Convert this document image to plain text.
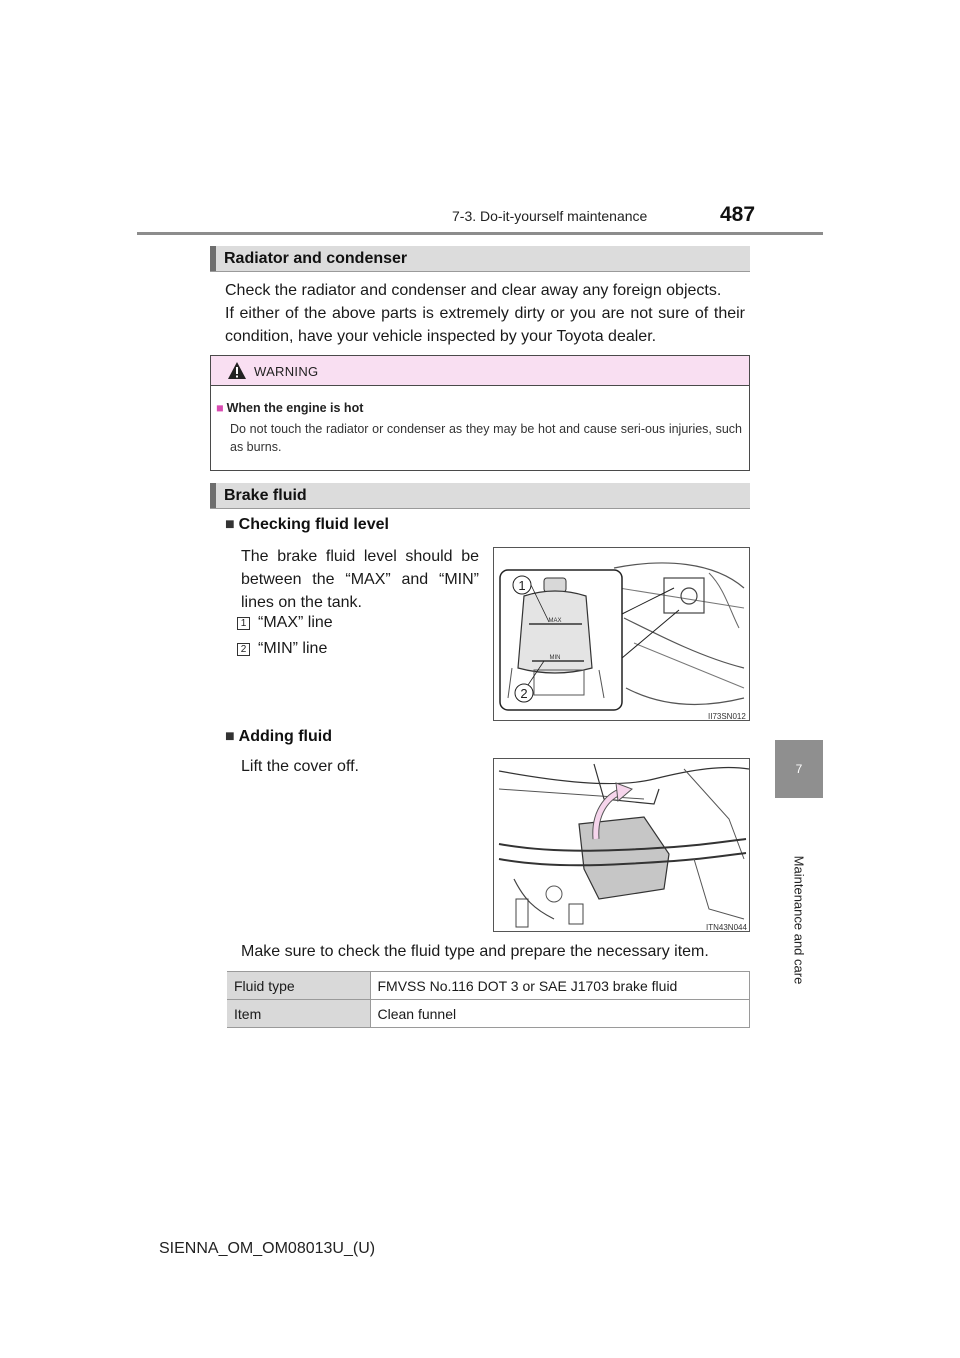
7-3. Do-it-yourself maintenance	487
7
Maintenance and care
Radiator and condenser
Check the radiator and condenser and clear away any foreign objects.
If either of the above parts is extremely dirty or you are not sure of their condition, have your vehicle inspected by your Toyota dealer.
WARNING
■ When the engine is hot
Do not touch the radiator or condenser as they may be hot and cause seri-ous injuries, such as burns.
Brake fluid
■ Checking fluid level
The brake fluid level should be between the “MAX” and “MIN” lines on the tank.
1 “MAX” line
2 “MIN” line
MAX
MIN
1
2
II73SN012
■ Adding fluid
Lift the cover off.
ITN43N044
Make sure to check the fluid type and prepare the necessary item.
Fluid type	FMVSS No.116 DOT 3 or SAE J1703 brake fluid
Item	Clean funnel
SIENNA_OM_OM08013U_(U)
